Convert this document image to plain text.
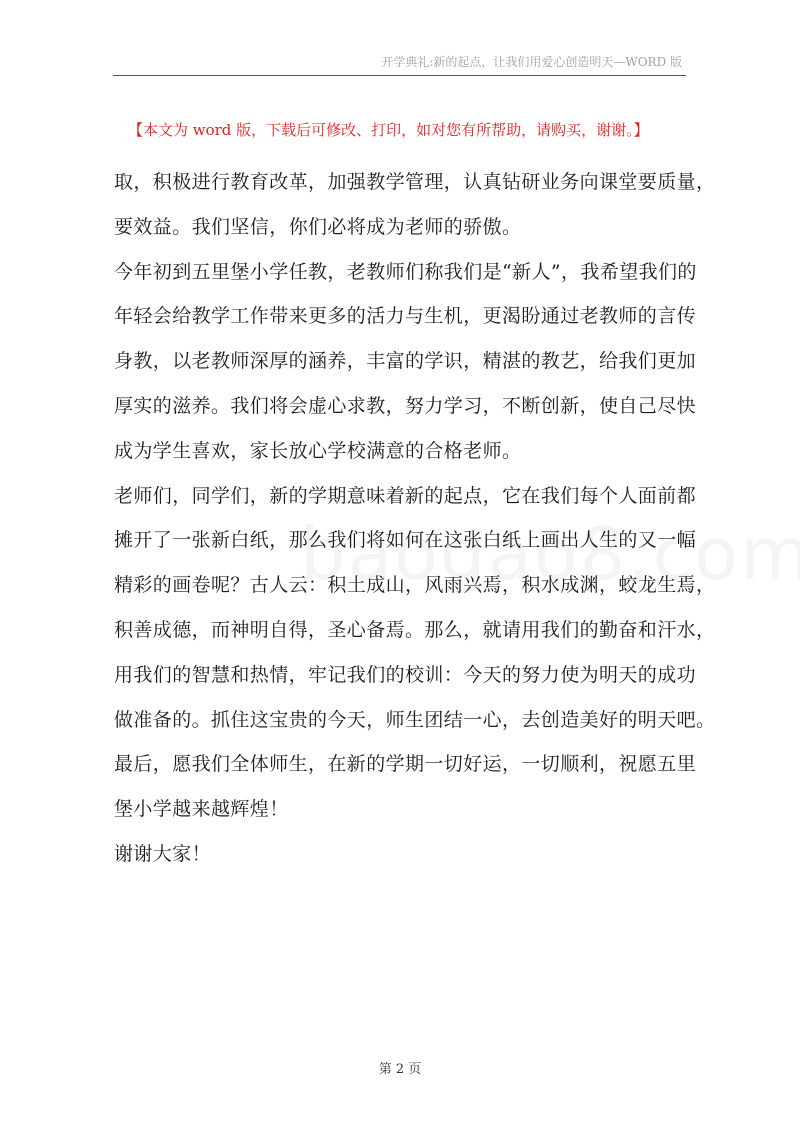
开学典礼:新的起点，让我们用爱心创造明天—WORD 版
【本文为 word 版，下载后可修改、打印，如对您有所帮助，请购买，谢谢。】
取，积极进行教育改革，加强教学管理，认真钻研业务向课堂要质量，
要效益。我们坚信，你们必将成为老师的骄傲。
今年初到五里堡小学任教，老教师们称我们是“新人”，我希望我们的
年轻会给教学工作带来更多的活力与生机，更渴盼通过老教师的言传
身教，以老教师深厚的涵养，丰富的学识，精湛的教艺，给我们更加
厚实的滋养。我们将会虚心求教，努力学习，不断创新，使自己尽快
成为学生喜欢，家长放心学校满意的合格老师。
老师们，同学们，新的学期意味着新的起点，它在我们每个人面前都
摊开了一张新白纸，那么我们将如何在这张白纸上画出人生的又一幅
精彩的画卷呢？古人云：积土成山，风雨兴焉，积水成渊，蛟龙生焉，
积善成德，而神明自得，圣心备焉。那么，就请用我们的勤奋和汗水，
用我们的智慧和热情，牢记我们的校训：今天的努力使为明天的成功
做准备的。抓住这宝贵的今天，师生团结一心，去创造美好的明天吧。
最后，愿我们全体师生，在新的学期一切好运，一切顺利，祝愿五里
堡小学越来越辉煌！
谢谢大家！
第 2 页
